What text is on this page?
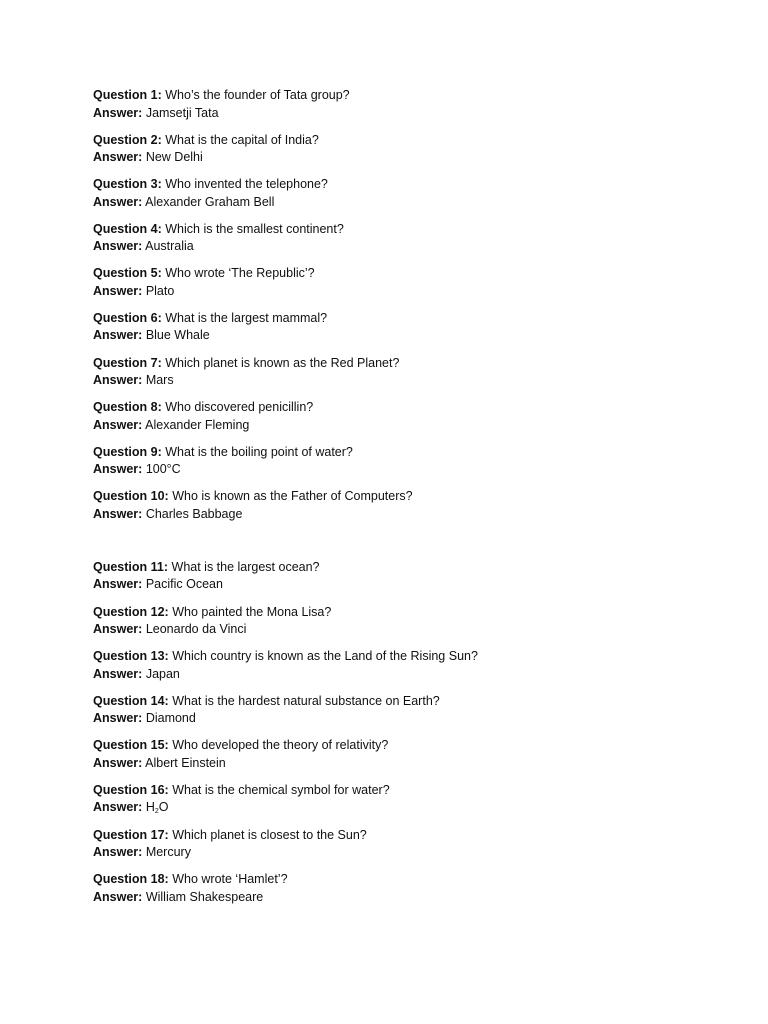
Question 1: Who’s the founder of Tata group?
Answer: Jamsetji Tata
Question 2: What is the capital of India?
Answer: New Delhi
Question 3: Who invented the telephone?
Answer: Alexander Graham Bell
Question 4: Which is the smallest continent?
Answer: Australia
Question 5: Who wrote ‘The Republic’?
Answer: Plato
Question 6: What is the largest mammal?
Answer: Blue Whale
Question 7: Which planet is known as the Red Planet?
Answer: Mars
Question 8: Who discovered penicillin?
Answer: Alexander Fleming
Question 9: What is the boiling point of water?
Answer: 100°C
Question 10: Who is known as the Father of Computers?
Answer: Charles Babbage
Question 11: What is the largest ocean?
Answer: Pacific Ocean
Question 12: Who painted the Mona Lisa?
Answer: Leonardo da Vinci
Question 13: Which country is known as the Land of the Rising Sun?
Answer: Japan
Question 14: What is the hardest natural substance on Earth?
Answer: Diamond
Question 15: Who developed the theory of relativity?
Answer: Albert Einstein
Question 16: What is the chemical symbol for water?
Answer: $H_2O$
Question 17: Which planet is closest to the Sun?
Answer: Mercury
Question 18: Who wrote ‘Hamlet’?
Answer: William Shakespeare
